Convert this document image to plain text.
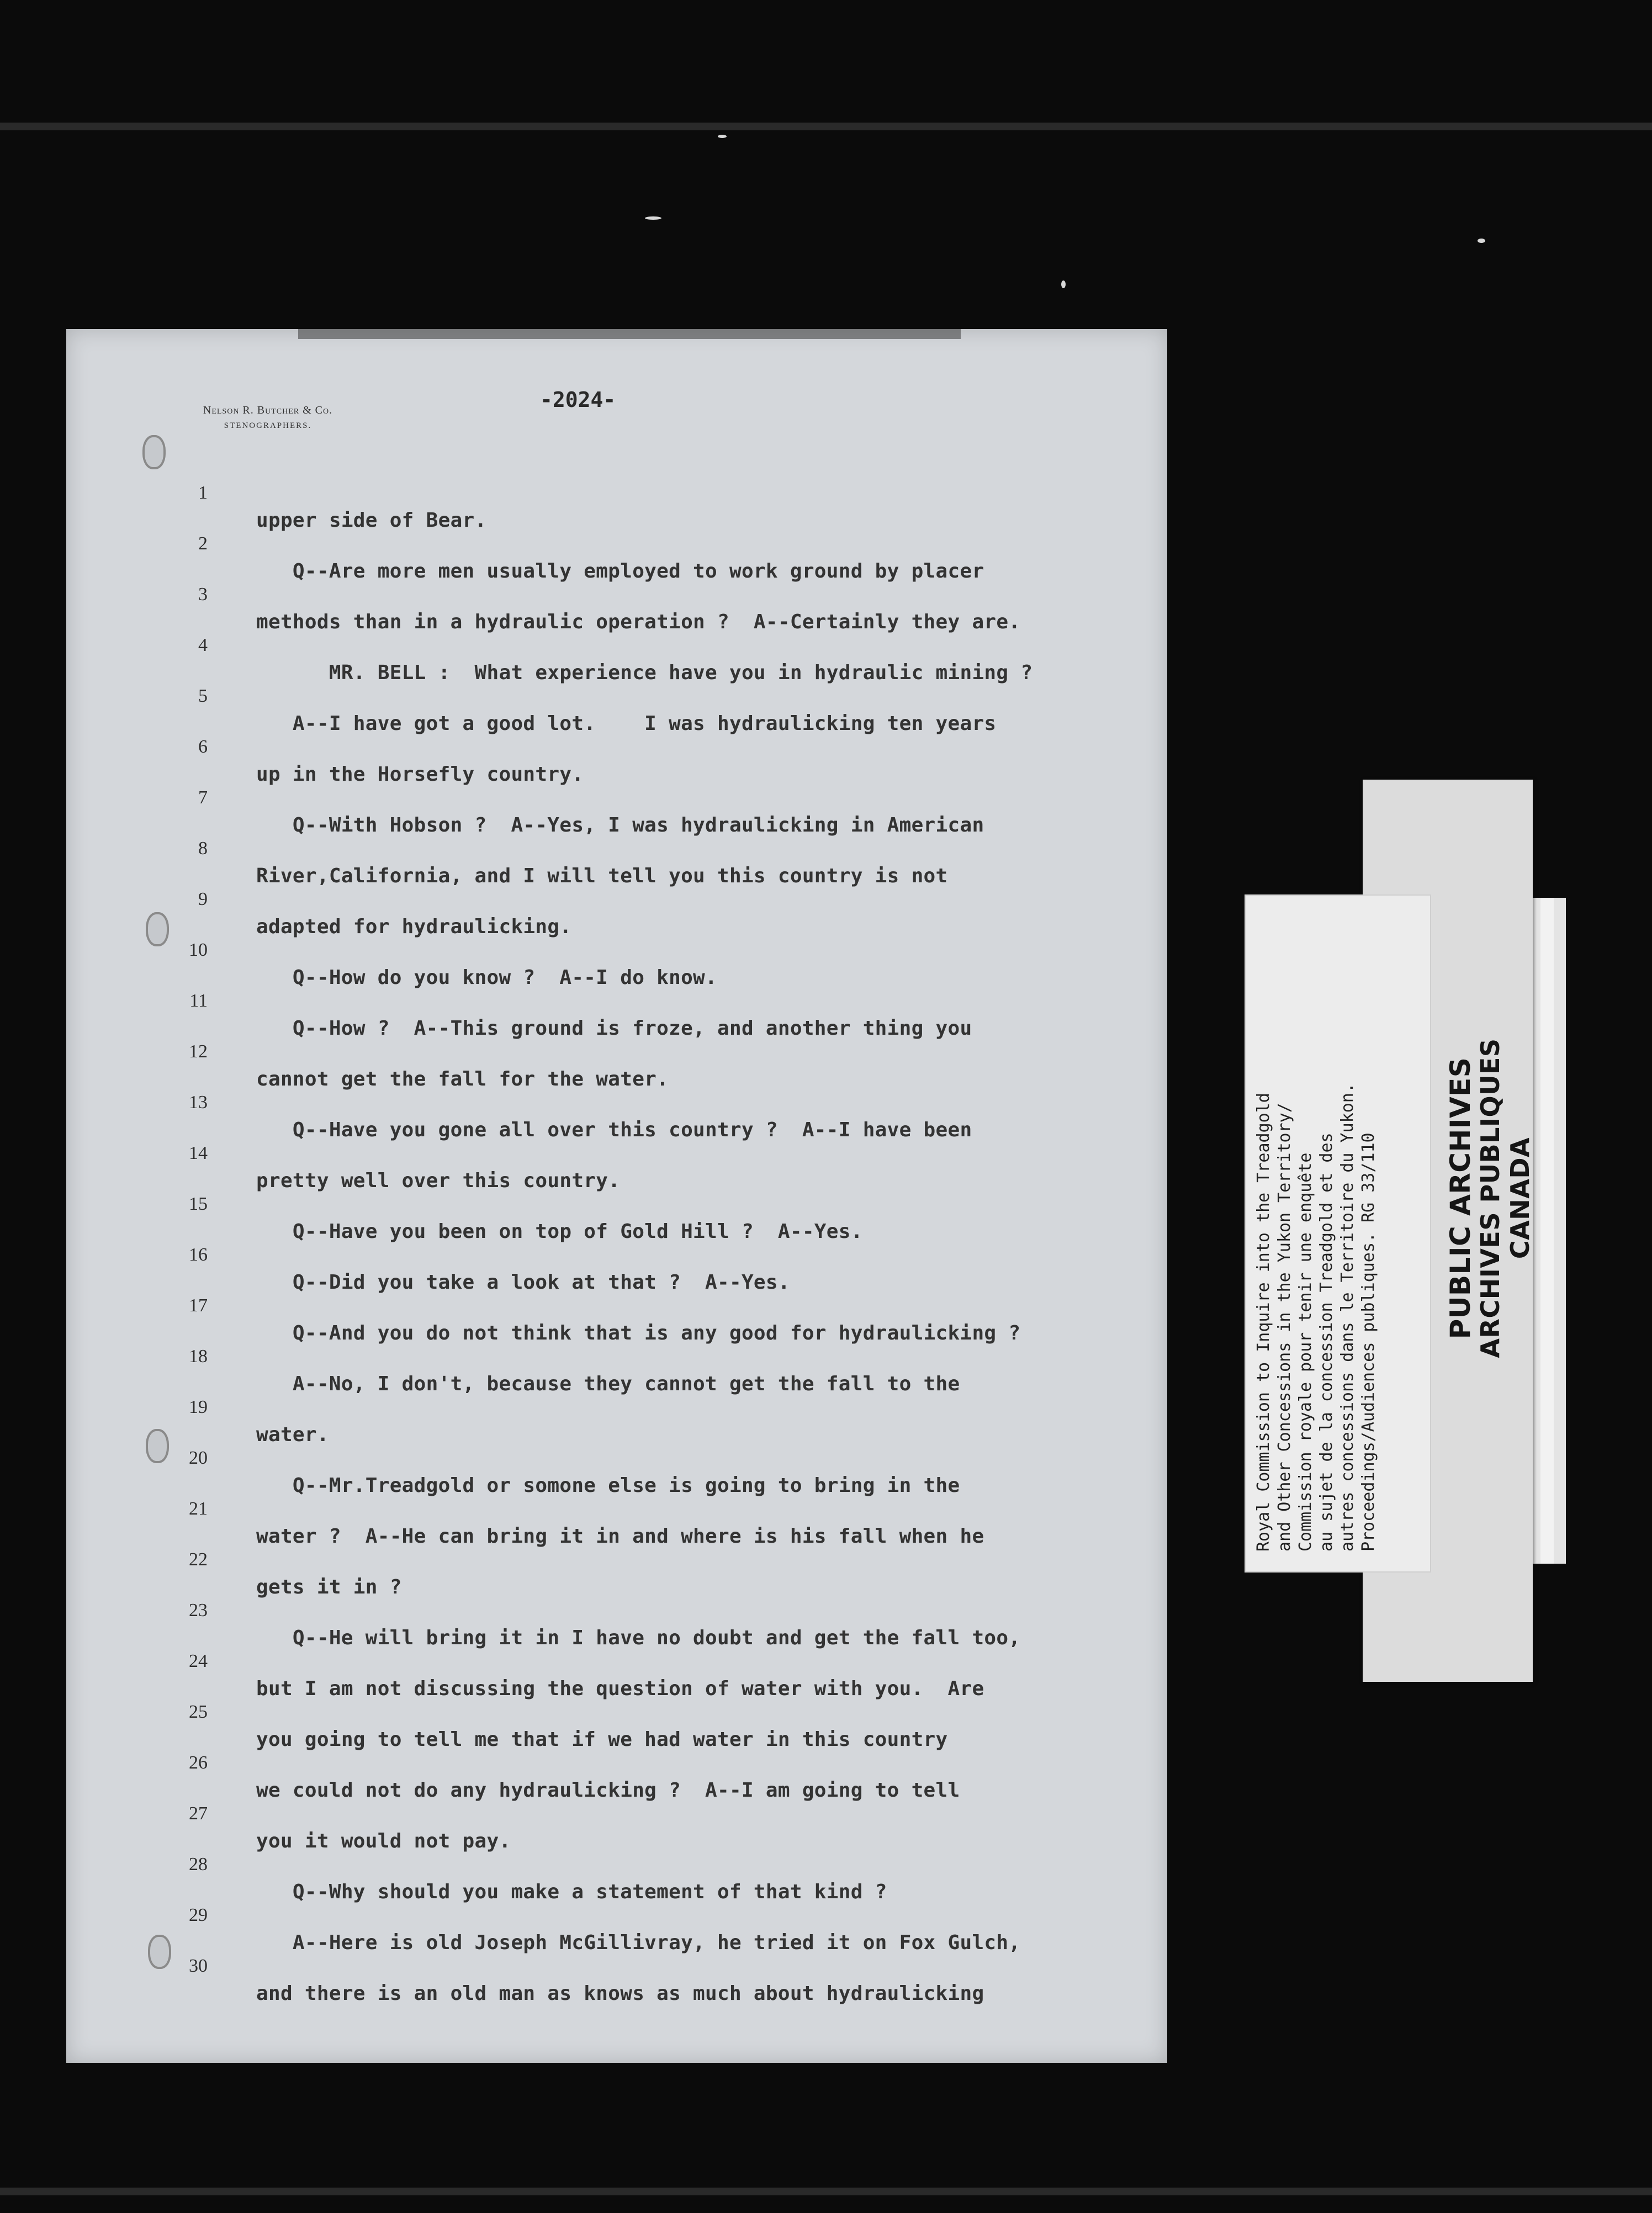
Nelson R. Butcher & Co.
STENOGRAPHERS.
-2024-
1
2
3
4
5
6
7
8
9
10
11
12
13
14
15
16
17
18
19
20
21
22
23
24
25
26
27
28
29
30
upper side of Bear.
Q--Are more men usually employed to work ground by placer
methods than in a hydraulic operation ?  A--Certainly they are.
MR. BELL :  What experience have you in hydraulic mining ?
A--I have got a good lot.    I was hydraulicking ten years
up in the Horsefly country.
Q--With Hobson ?  A--Yes, I was hydraulicking in American
River,California, and I will tell you this country is not
adapted for hydraulicking.
Q--How do you know ?  A--I do know.
Q--How ?  A--This ground is froze, and another thing you
cannot get the fall for the water.
Q--Have you gone all over this country ?  A--I have been
pretty well over this country.
Q--Have you been on top of Gold Hill ?  A--Yes.
Q--Did you take a look at that ?  A--Yes.
Q--And you do not think that is any good for hydraulicking ?
A--No, I don't, because they cannot get the fall to the
water.
Q--Mr.Treadgold or somone else is going to bring in the
water ?  A--He can bring it in and where is his fall when he
gets it in ?
Q--He will bring it in I have no doubt and get the fall too,
but I am not discussing the question of water with you.  Are
you going to tell me that if we had water in this country
we could not do any hydraulicking ?  A--I am going to tell
you it would not pay.
Q--Why should you make a statement of that kind ?
A--Here is old Joseph McGillivray, he tried it on Fox Gulch,
and there is an old man as knows as much about hydraulicking
Royal Commission to Inquire into the Treadgold and Other Concessions in the Yukon Territory/ Commission royale pour tenir une enquête au sujet de la concession Treadgold et des autres concessions dans le Territoire du Yukon. Proceedings/Audiences publiques. RG 33/110 PUBLIC ARCHIVES
ARCHIVES PUBLIQUES CANADA
